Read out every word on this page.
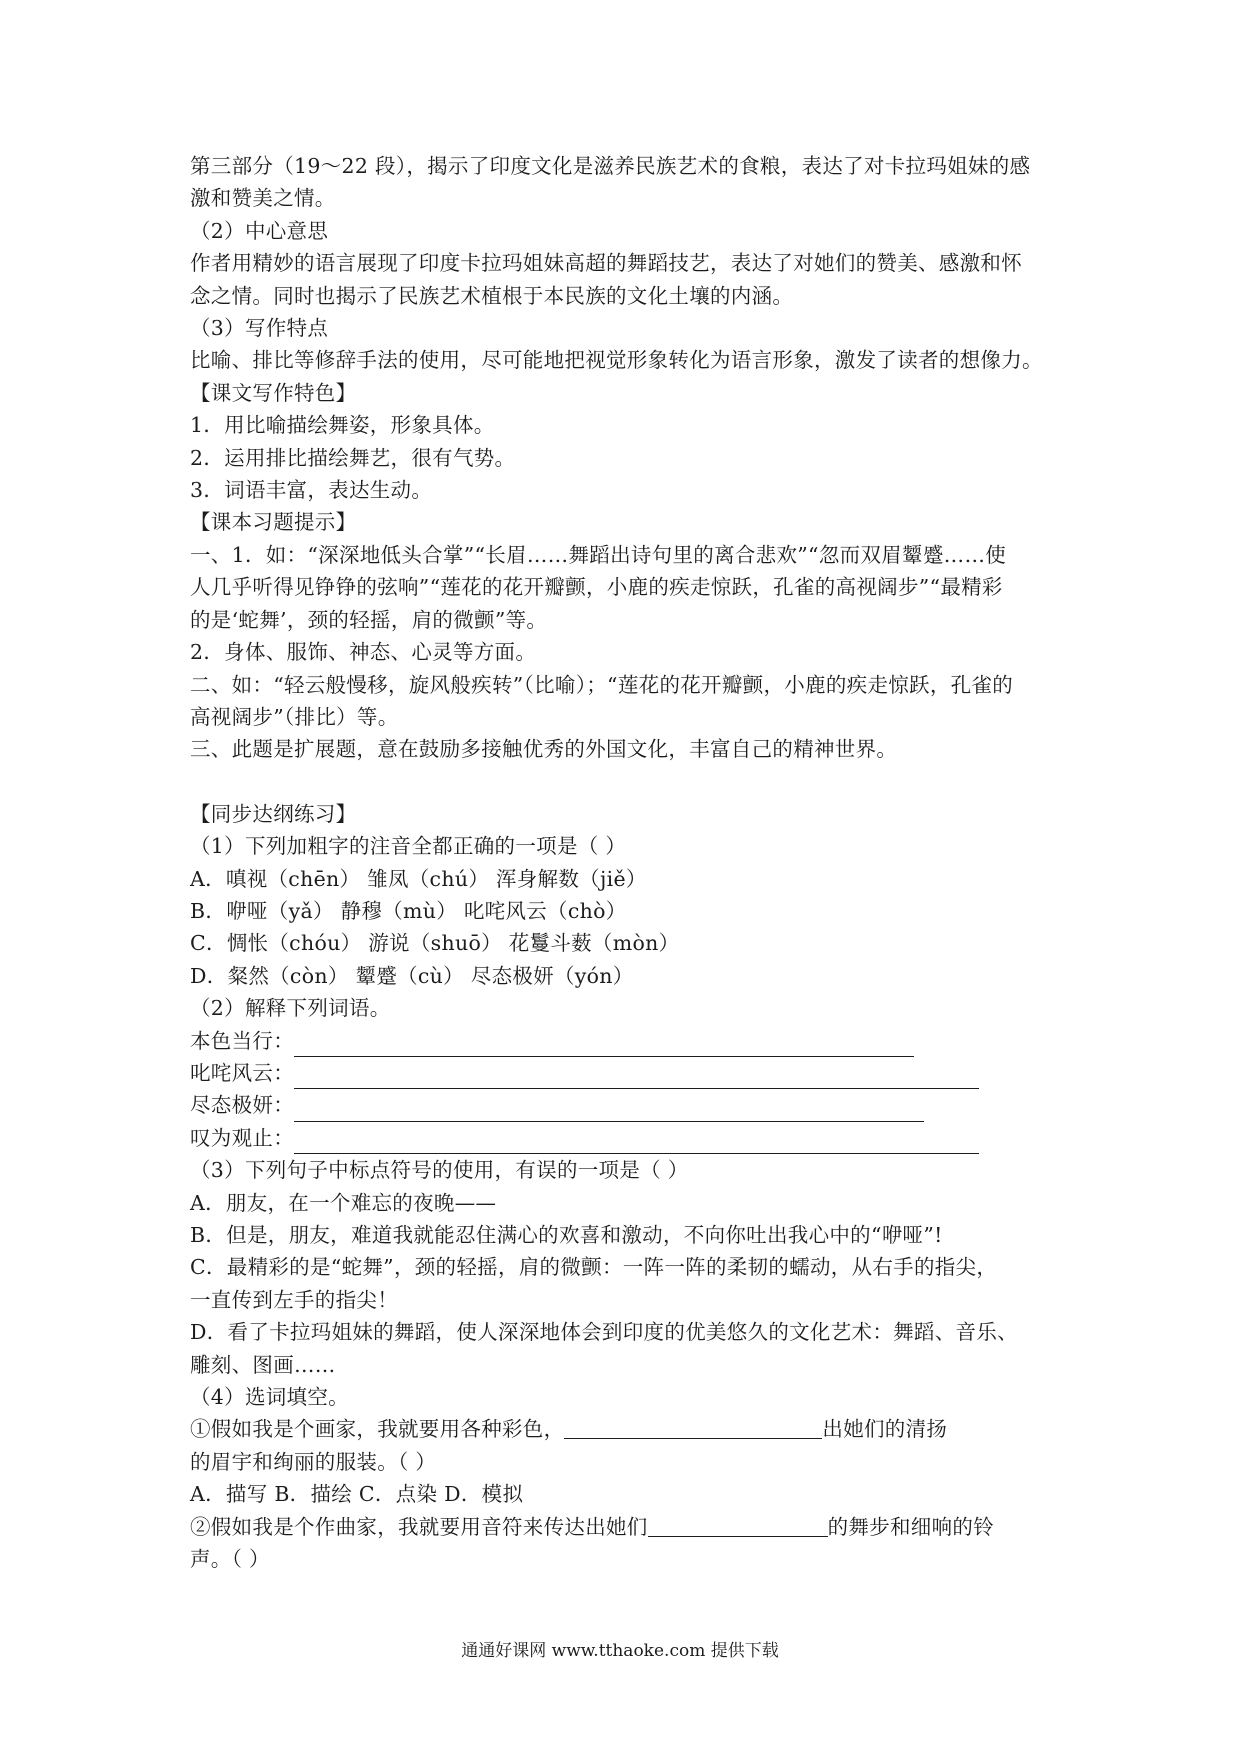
第三部分（19～22 段），揭示了印度文化是滋养民族艺术的食粮，表达了对卡拉玛姐妹的感

激和赞美之情。

（2）中心意思

作者用精妙的语言展现了印度卡拉玛姐妹高超的舞蹈技艺，表达了对她们的赞美、感激和怀

念之情。同时也揭示了民族艺术植根于本民族的文化土壤的内涵。

（3）写作特点

比喻、排比等修辞手法的使用，尽可能地把视觉形象转化为语言形象，激发了读者的想像力。

【课文写作特色】

1．用比喻描绘舞姿，形象具体。

2．运用排比描绘舞艺，很有气势。

3．词语丰富，表达生动。

【课本习题提示】

一、1．如：“深深地低头合掌”“长眉……舞蹈出诗句里的离合悲欢”“忽而双眉颦蹙……使

人几乎听得见铮铮的弦响”“莲花的花开瓣颤，小鹿的疾走惊跃，孔雀的高视阔步”“最精彩

的是‘蛇舞’，颈的轻摇，肩的微颤”等。

2．身体、服饰、神态、心灵等方面。

二、如：“轻云般慢移，旋风般疾转”（比喻）；“莲花的花开瓣颤，小鹿的疾走惊跃，孔雀的

高视阔步”（排比）等。

三、此题是扩展题，意在鼓励多接触优秀的外国文化，丰富自己的精神世界。

【同步达纲练习】

（1）下列加粗字的注音全都正确的一项是（ ）

A．嗔视（chēn） 雏凤（chú） 浑身解数（jiě）

B．咿哑（yǎ） 静穆（mù） 叱咤风云（chò）

C．惆怅（chóu） 游说（shuō） 花鬘斗薮（mòn）

D．粲然（còn） 颦蹙（cù） 尽态极妍（yón）

（2）解释下列词语。

本色当行：
叱咤风云：
尽态极妍：
叹为观止：

（3）下列句子中标点符号的使用，有误的一项是（ ）

A．朋友，在一个难忘的夜晚——

B．但是，朋友，难道我就能忍住满心的欢喜和激动，不向你吐出我心中的“咿哑”!

C．最精彩的是“蛇舞”，颈的轻摇，肩的微颤：一阵一阵的柔韧的蠕动，从右手的指尖，

一直传到左手的指尖！

D．看了卡拉玛姐妹的舞蹈，使人深深地体会到印度的优美悠久的文化艺术：舞蹈、音乐、

雕刻、图画……

（4）选词填空。

①假如我是个画家，我就要用各种彩色，	出她们的清扬

的眉宇和绚丽的服装。（ ）

A．描写 B．描绘 C．点染 D．模拟

②假如我是个作曲家，我就要用音符来传达出她们	的舞步和细响的铃

声。（ ）

通通好课网 www.tthaoke.com 提供下载
